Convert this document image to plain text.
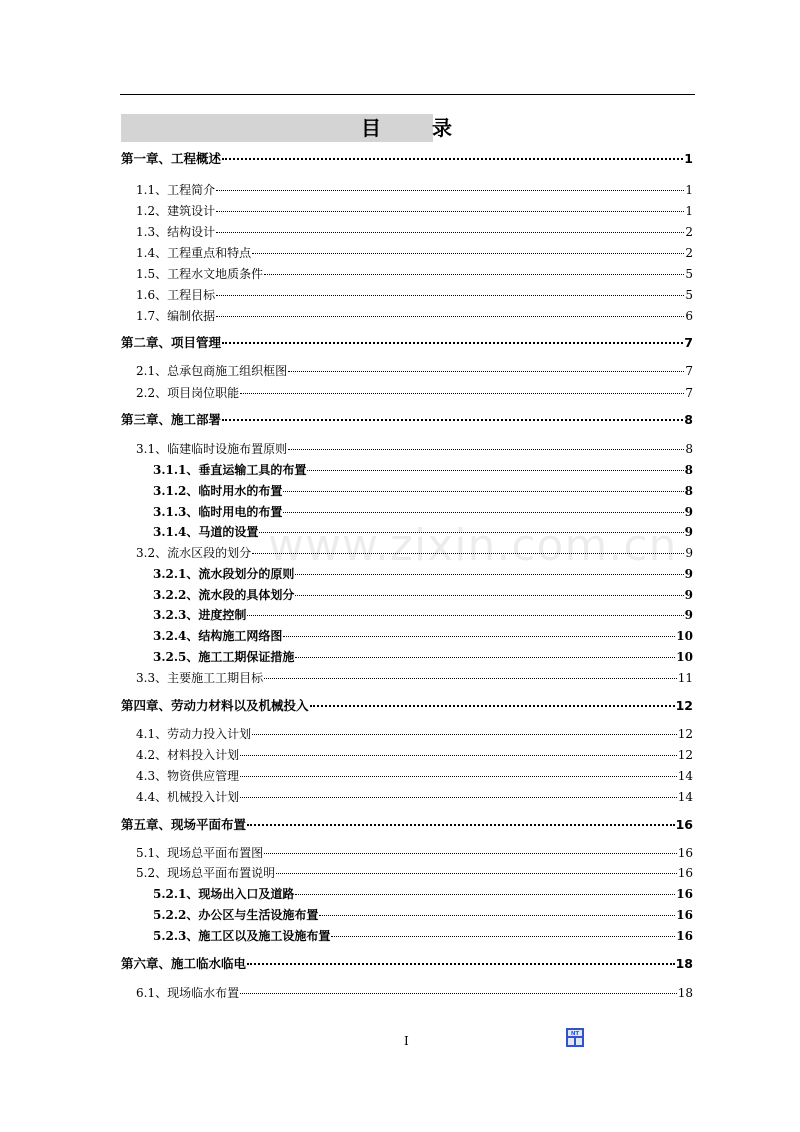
目 录
第一章、工程概述	1
1.1、工程简介	1
1.2、建筑设计	1
1.3、结构设计	2
1.4、工程重点和特点	2
1.5、工程水文地质条件	5
1.6、工程目标	5
1.7、编制依据	6
第二章、项目管理	7
2.1、总承包商施工组织框图	7
2.2、项目岗位职能	7
第三章、施工部署	8
3.1、临建临时设施布置原则	8
3.1.1、垂直运输工具的布置	8
3.1.2、临时用水的布置	8
3.1.3、临时用电的布置	9
3.1.4、马道的设置	9
3.2、流水区段的划分	9
3.2.1、流水段划分的原则	9
3.2.2、流水段的具体划分	9
3.2.3、进度控制	9
3.2.4、结构施工网络图	10
3.2.5、施工工期保证措施	10
3.3、主要施工工期目标	11
第四章、劳动力材料以及机械投入	12
4.1、劳动力投入计划	12
4.2、材料投入计划	12
4.3、物资供应管理	14
4.4、机械投入计划	14
第五章、现场平面布置	16
5.1、现场总平面布置图	16
5.2、现场总平面布置说明	16
5.2.1、现场出入口及道路	16
5.2.2、办公区与生活设施布置	16
5.2.3、施工区以及施工设施布置	16
第六章、施工临水临电	18
6.1、现场临水布置	18
www.zixin.com.cn
I	NT
